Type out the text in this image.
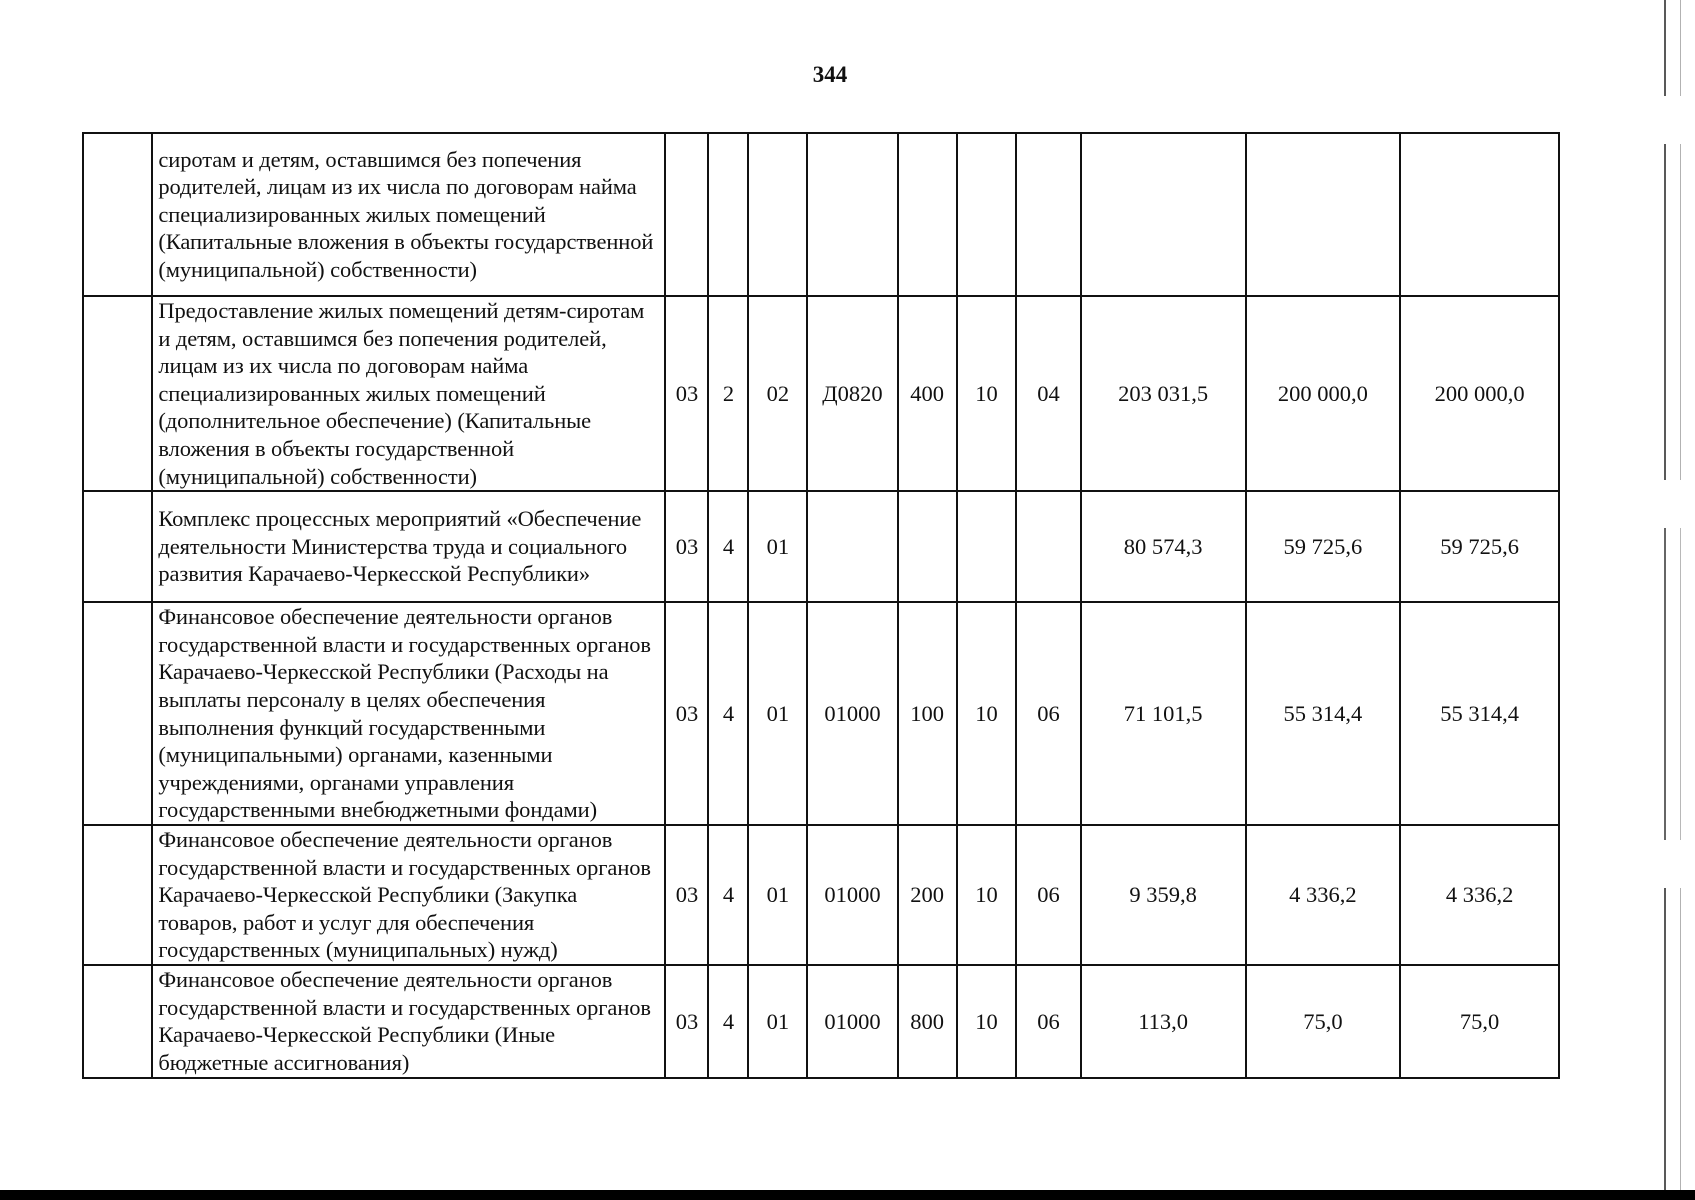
344
	сиротам и детям, оставшимся без попечения родителей, лицам из их числа по договорам найма специализированных жилых помещений (Капитальные вложения в объекты государственной (муниципальной) собственности)										
	Предоставление жилых помещений детям-сиротам и детям, оставшимся без попечения родителей, лицам из их числа по договорам найма специализированных жилых помещений (дополнительное обеспечение) (Капитальные вложения в объекты государственной (муниципальной) собственности)	03	2	02	Д0820	400	10	04	203 031,5	200 000,0	200 000,0
	Комплекс процессных мероприятий «Обеспечение деятельности Министерства труда и социального развития Карачаево-Черкесской Республики»	03	4	01					80 574,3	59 725,6	59 725,6
	Финансовое обеспечение деятельности органов государственной власти и государственных органов Карачаево-Черкесской Республики (Расходы на выплаты персоналу в целях обеспечения выполнения функций государственными (муниципальными) органами, казенными учреждениями, органами управления государственными внебюджетными фондами)	03	4	01	01000	100	10	06	71 101,5	55 314,4	55 314,4
	Финансовое обеспечение деятельности органов государственной власти и государственных органов Карачаево-Черкесской Республики (Закупка товаров, работ и услуг для обеспечения государственных (муниципальных) нужд)	03	4	01	01000	200	10	06	9 359,8	4 336,2	4 336,2
	Финансовое обеспечение деятельности органов государственной власти и государственных органов Карачаево-Черкесской Республики (Иные бюджетные ассигнования)	03	4	01	01000	800	10	06	113,0	75,0	75,0
